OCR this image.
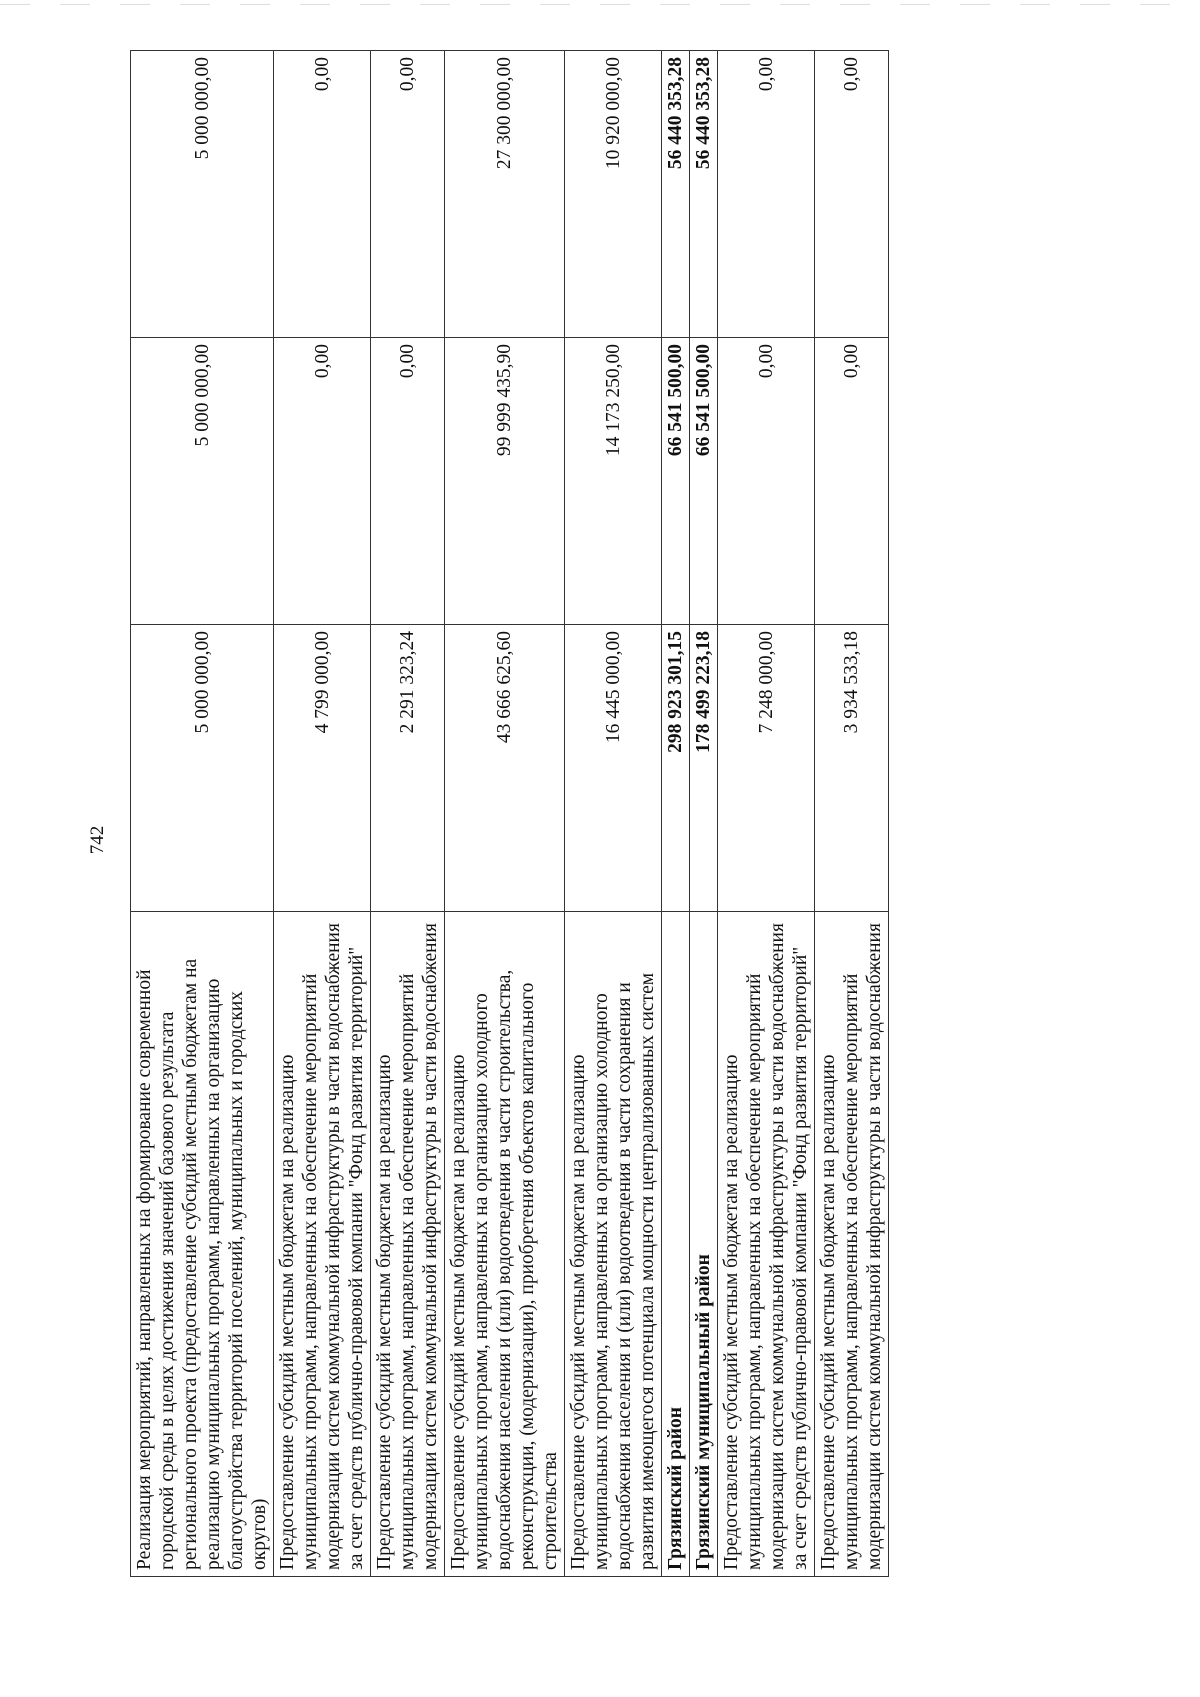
742
Реализация мероприятий, направленных на формирование современной городской среды в целях достижения значений базового результата регионального проекта (предоставление субсидий местным бюджетам на реализацию муниципальных программ, направленных на организацию благоустройства территорий поселений, муниципальных и городских округов)	5 000 000,00	5 000 000,00	5 000 000,00
Предоставление субсидий местным бюджетам на реализацию муниципальных программ, направленных на обеспечение мероприятий модернизации систем коммунальной инфраструктуры в части водоснабжения за счет средств публично-правовой компании "Фонд развития территорий"	4 799 000,00	0,00	0,00
Предоставление субсидий местным бюджетам на реализацию муниципальных программ, направленных на обеспечение мероприятий модернизации систем коммунальной инфраструктуры в части водоснабжения	2 291 323,24	0,00	0,00
Предоставление субсидий местным бюджетам на реализацию муниципальных программ, направленных на организацию холодного водоснабжения населения и (или) водоотведения в части строительства, реконструкции, (модернизации), приобретения объектов капитального строительства	43 666 625,60	99 999 435,90	27 300 000,00
Предоставление субсидий местным бюджетам на реализацию муниципальных программ, направленных на организацию холодного водоснабжения населения и (или) водоотведения в части сохранения и развития имеющегося потенциала мощности централизованных систем	16 445 000,00	14 173 250,00	10 920 000,00
Грязинский район	298 923 301,15	66 541 500,00	56 440 353,28
Грязинский муниципальный район	178 499 223,18	66 541 500,00	56 440 353,28
Предоставление субсидий местным бюджетам на реализацию муниципальных программ, направленных на обеспечение мероприятий модернизации систем коммунальной инфраструктуры в части водоснабжения за счет средств публично-правовой компании "Фонд развития территорий"	7 248 000,00	0,00	0,00
Предоставление субсидий местным бюджетам на реализацию муниципальных программ, направленных на обеспечение мероприятий модернизации систем коммунальной инфраструктуры в части водоснабжения	3 934 533,18	0,00	0,00
